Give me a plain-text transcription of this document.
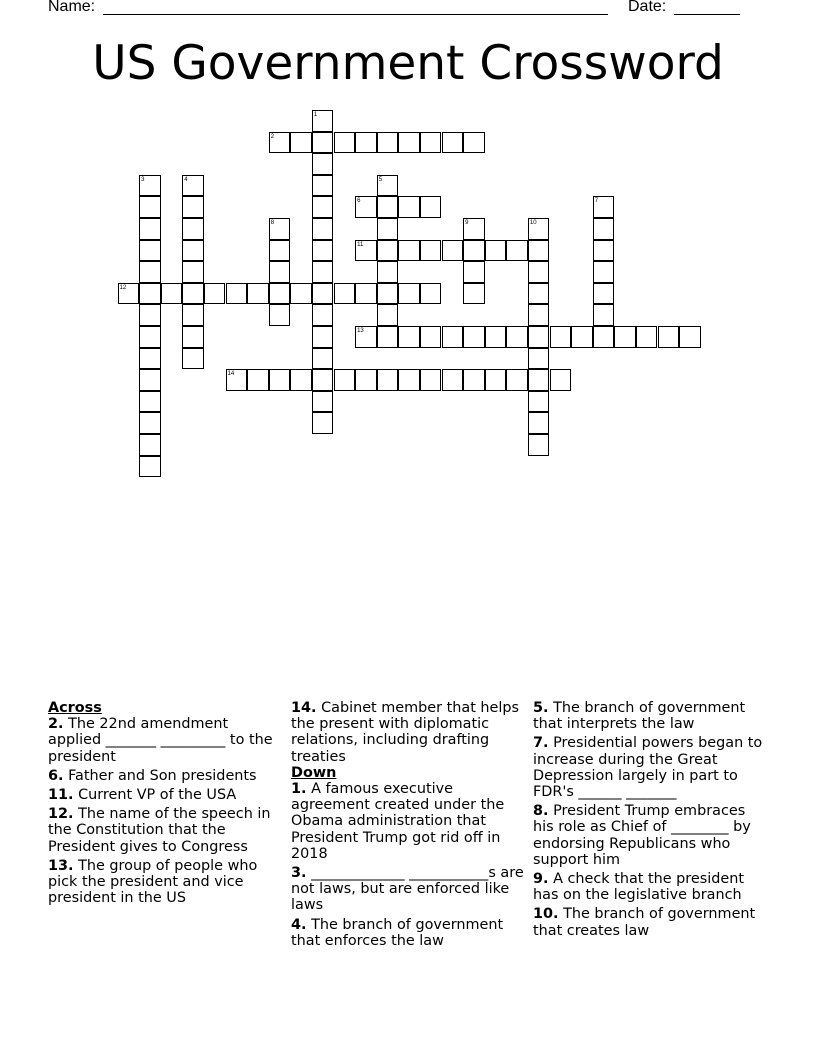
Name:	Date:
US Government Crossword
1
2
3	4	5
6	7
8	9	10
11
12
13
14
Across
2. The 22nd amendment applied _______ _________ to the president
6. Father and Son presidents
11. Current VP of the USA
12. The name of the speech in the Constitution that the President gives to Congress
13. The group of people who pick the president and vice president in the US
14. Cabinet member that helps the present with diplomatic relations, including drafting treaties
Down
1. A famous executive agreement created under the Obama administration that President Trump got rid off in 2018
3. _____________ ___________s are not laws, but are enforced like laws
4. The branch of government that enforces the law
5. The branch of government that interprets the law
7. Presidential powers began to increase during the Great Depression largely in part to FDR's ______ _______
8. President Trump embraces his role as Chief of ________ by endorsing Republicans who support him
9. A check that the president has on the legislative branch
10. The branch of government that creates law
